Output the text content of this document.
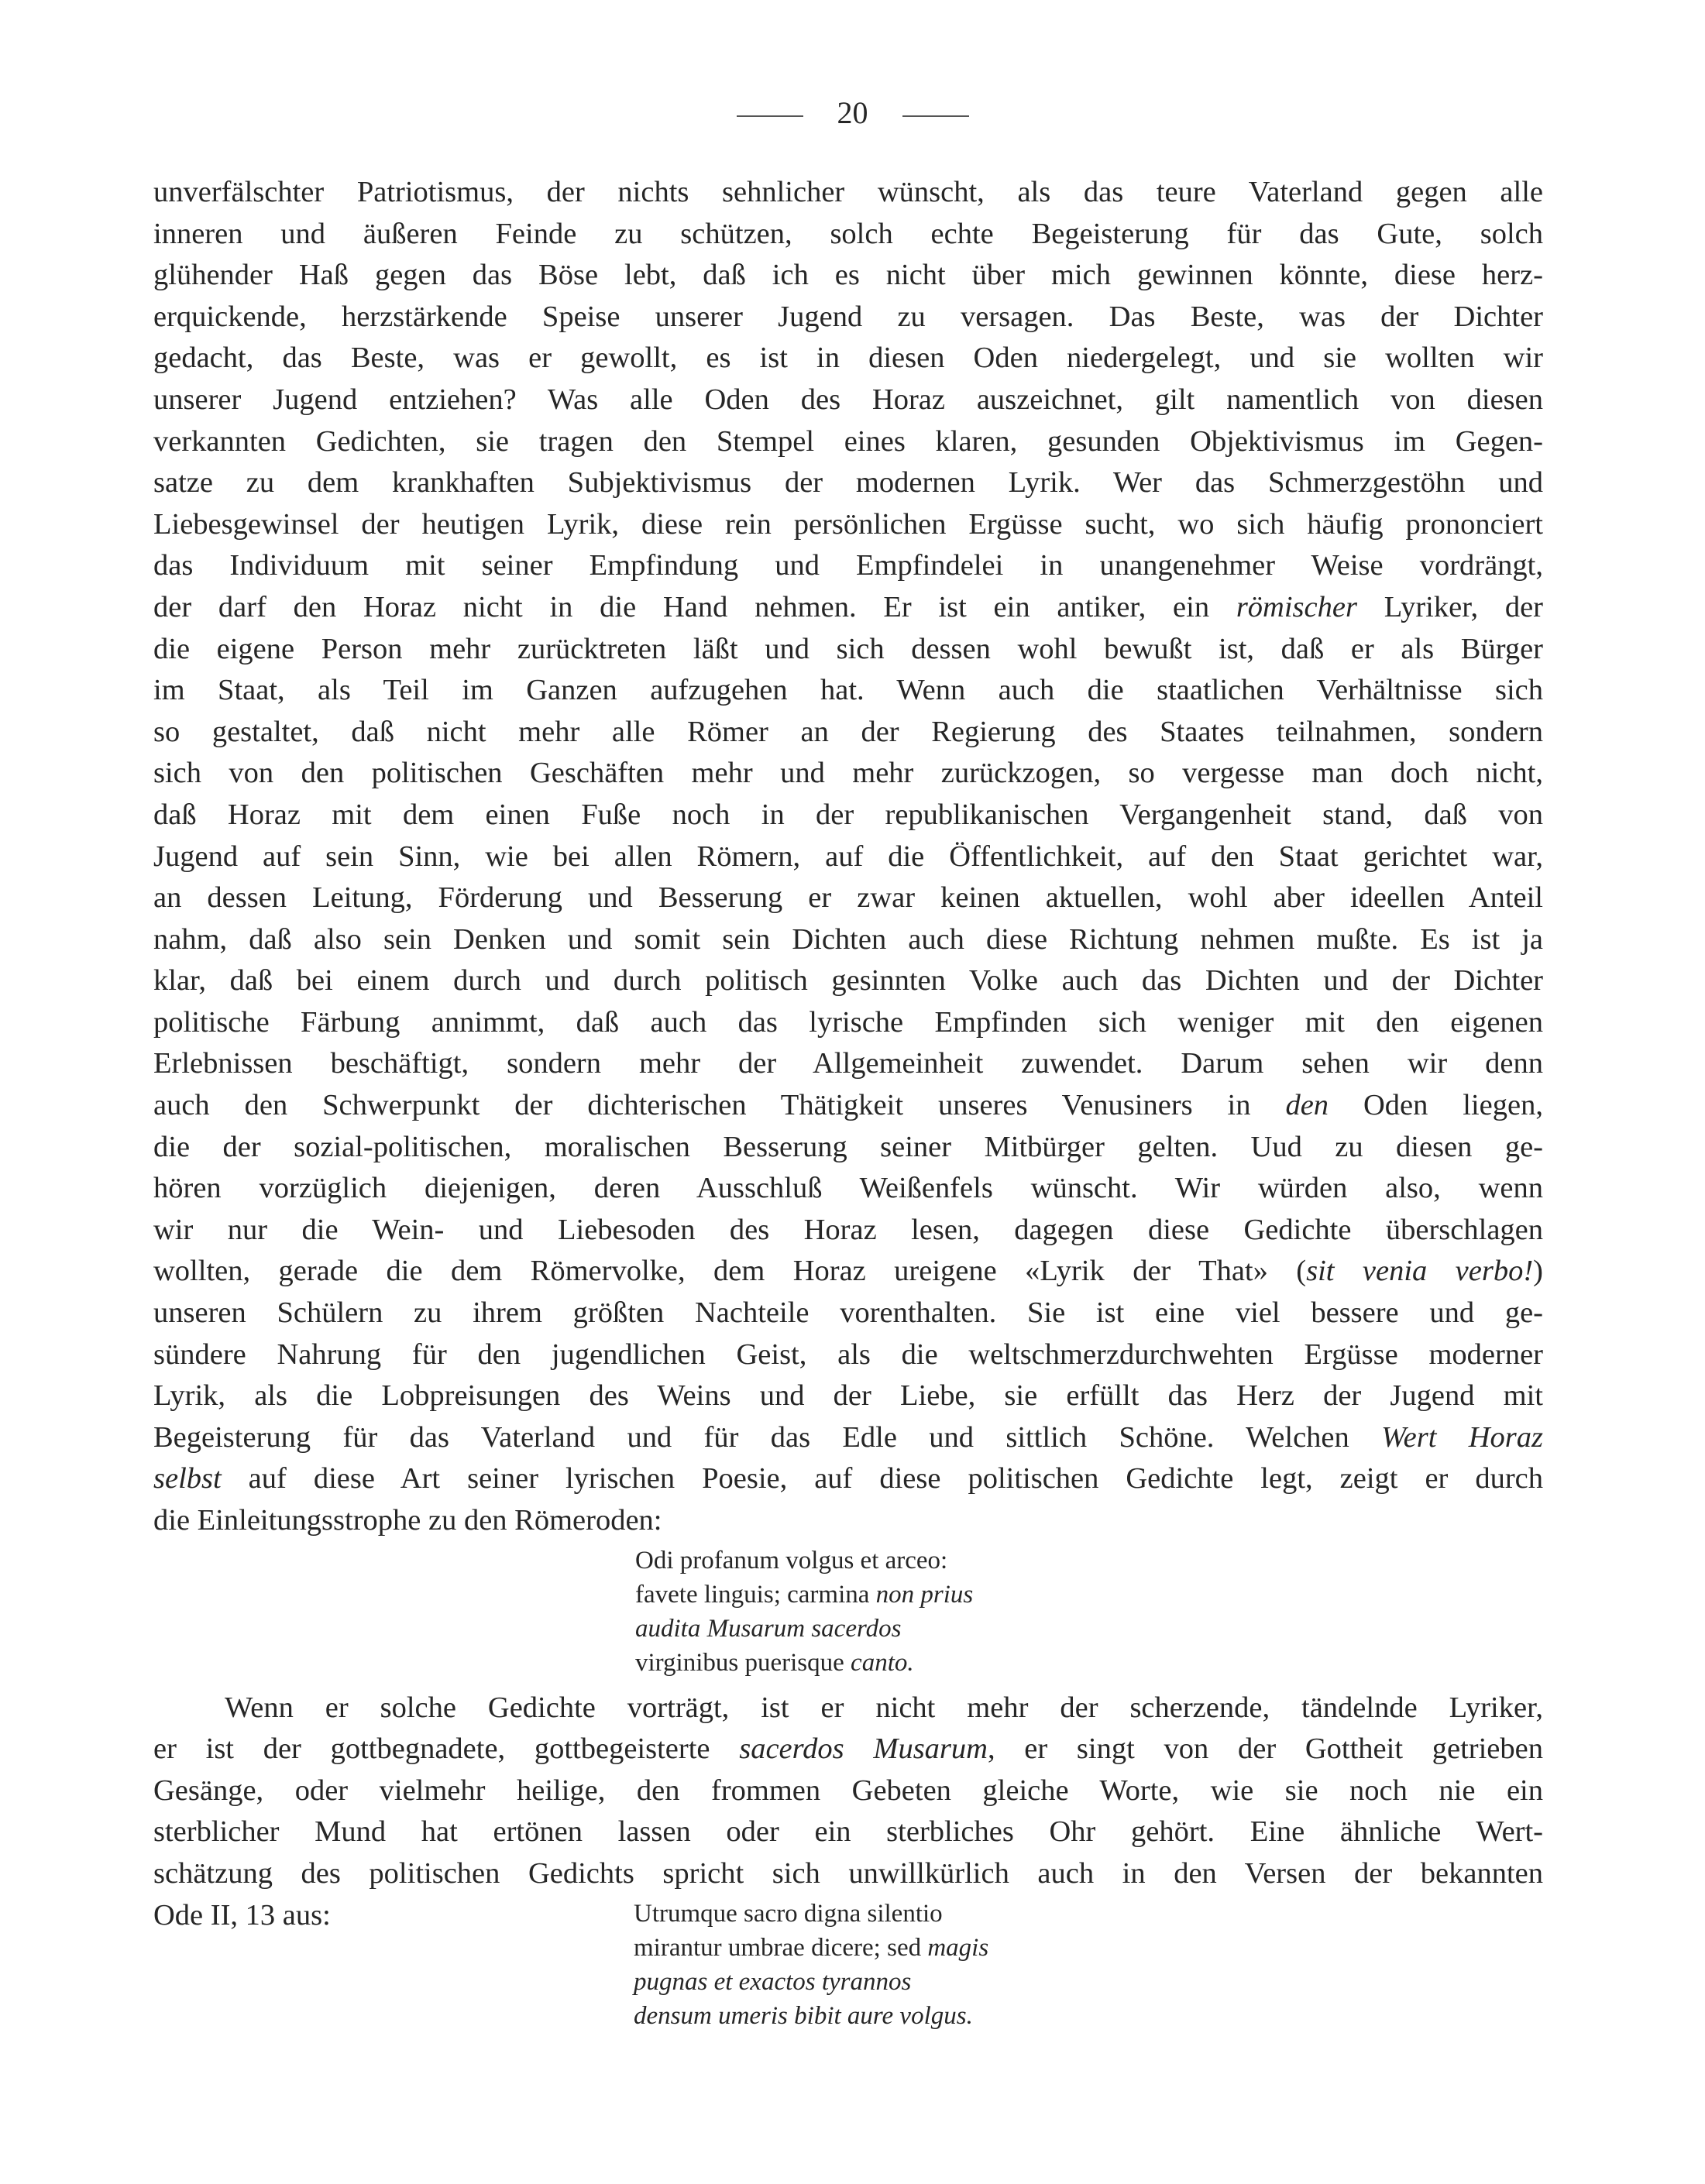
20
unverfälschter Patriotismus, der nichts sehnlicher wünscht, als das teure Vaterland gegen alle
inneren und äußeren Feinde zu schützen, solch echte Begeisterung für das Gute, solch
glühender Haß gegen das Böse lebt, daß ich es nicht über mich gewinnen könnte, diese herz-
erquickende, herzstärkende Speise unserer Jugend zu versagen. Das Beste, was der Dichter
gedacht, das Beste, was er gewollt, es ist in diesen Oden niedergelegt, und sie wollten wir
unserer Jugend entziehen? Was alle Oden des Horaz auszeichnet, gilt namentlich von diesen
verkannten Gedichten, sie tragen den Stempel eines klaren, gesunden Objektivismus im Gegen-
satze zu dem krankhaften Subjektivismus der modernen Lyrik. Wer das Schmerzgestöhn und
Liebesgewinsel der heutigen Lyrik, diese rein persönlichen Ergüsse sucht, wo sich häufig prononciert
das Individuum mit seiner Empfindung und Empfindelei in unangenehmer Weise vordrängt,
der darf den Horaz nicht in die Hand nehmen. Er ist ein antiker, ein römischer Lyriker, der
die eigene Person mehr zurücktreten läßt und sich dessen wohl bewußt ist, daß er als Bürger
im Staat, als Teil im Ganzen aufzugehen hat. Wenn auch die staatlichen Verhältnisse sich
so gestaltet, daß nicht mehr alle Römer an der Regierung des Staates teilnahmen, sondern
sich von den politischen Geschäften mehr und mehr zurückzogen, so vergesse man doch nicht,
daß Horaz mit dem einen Fuße noch in der republikanischen Vergangenheit stand, daß von
Jugend auf sein Sinn, wie bei allen Römern, auf die Öffentlichkeit, auf den Staat gerichtet war,
an dessen Leitung, Förderung und Besserung er zwar keinen aktuellen, wohl aber ideellen Anteil
nahm, daß also sein Denken und somit sein Dichten auch diese Richtung nehmen mußte. Es ist ja
klar, daß bei einem durch und durch politisch gesinnten Volke auch das Dichten und der Dichter
politische Färbung annimmt, daß auch das lyrische Empfinden sich weniger mit den eigenen
Erlebnissen beschäftigt, sondern mehr der Allgemeinheit zuwendet. Darum sehen wir denn
auch den Schwerpunkt der dichterischen Thätigkeit unseres Venusiners in den Oden liegen,
die der sozial-politischen, moralischen Besserung seiner Mitbürger gelten. Uud zu diesen ge-
hören vorzüglich diejenigen, deren Ausschluß Weißenfels wünscht. Wir würden also, wenn
wir nur die Wein- und Liebesoden des Horaz lesen, dagegen diese Gedichte überschlagen
wollten, gerade die dem Römervolke, dem Horaz ureigene «Lyrik der That» (sit venia verbo!)
unseren Schülern zu ihrem größten Nachteile vorenthalten. Sie ist eine viel bessere und ge-
sündere Nahrung für den jugendlichen Geist, als die weltschmerzdurchwehten Ergüsse moderner
Lyrik, als die Lobpreisungen des Weins und der Liebe, sie erfüllt das Herz der Jugend mit
Begeisterung für das Vaterland und für das Edle und sittlich Schöne. Welchen Wert Horaz
selbst auf diese Art seiner lyrischen Poesie, auf diese politischen Gedichte legt, zeigt er durch
die Einleitungsstrophe zu den Römeroden:
Odi profanum volgus et arceo:
favete linguis; carmina non prius
audita Musarum sacerdos
virginibus puerisque canto.
Wenn er solche Gedichte vorträgt, ist er nicht mehr der scherzende, tändelnde Lyriker,
er ist der gottbegnadete, gottbegeisterte sacerdos Musarum, er singt von der Gottheit getrieben
Gesänge, oder vielmehr heilige, den frommen Gebeten gleiche Worte, wie sie noch nie ein
sterblicher Mund hat ertönen lassen oder ein sterbliches Ohr gehört. Eine ähnliche Wert-
schätzung des politischen Gedichts spricht sich unwillkürlich auch in den Versen der bekannten
Ode II, 13 aus:	Utrumque sacro digna silentio
mirantur umbrae dicere; sed magis
pugnas et exactos tyrannos
densum umeris bibit aure volgus.
